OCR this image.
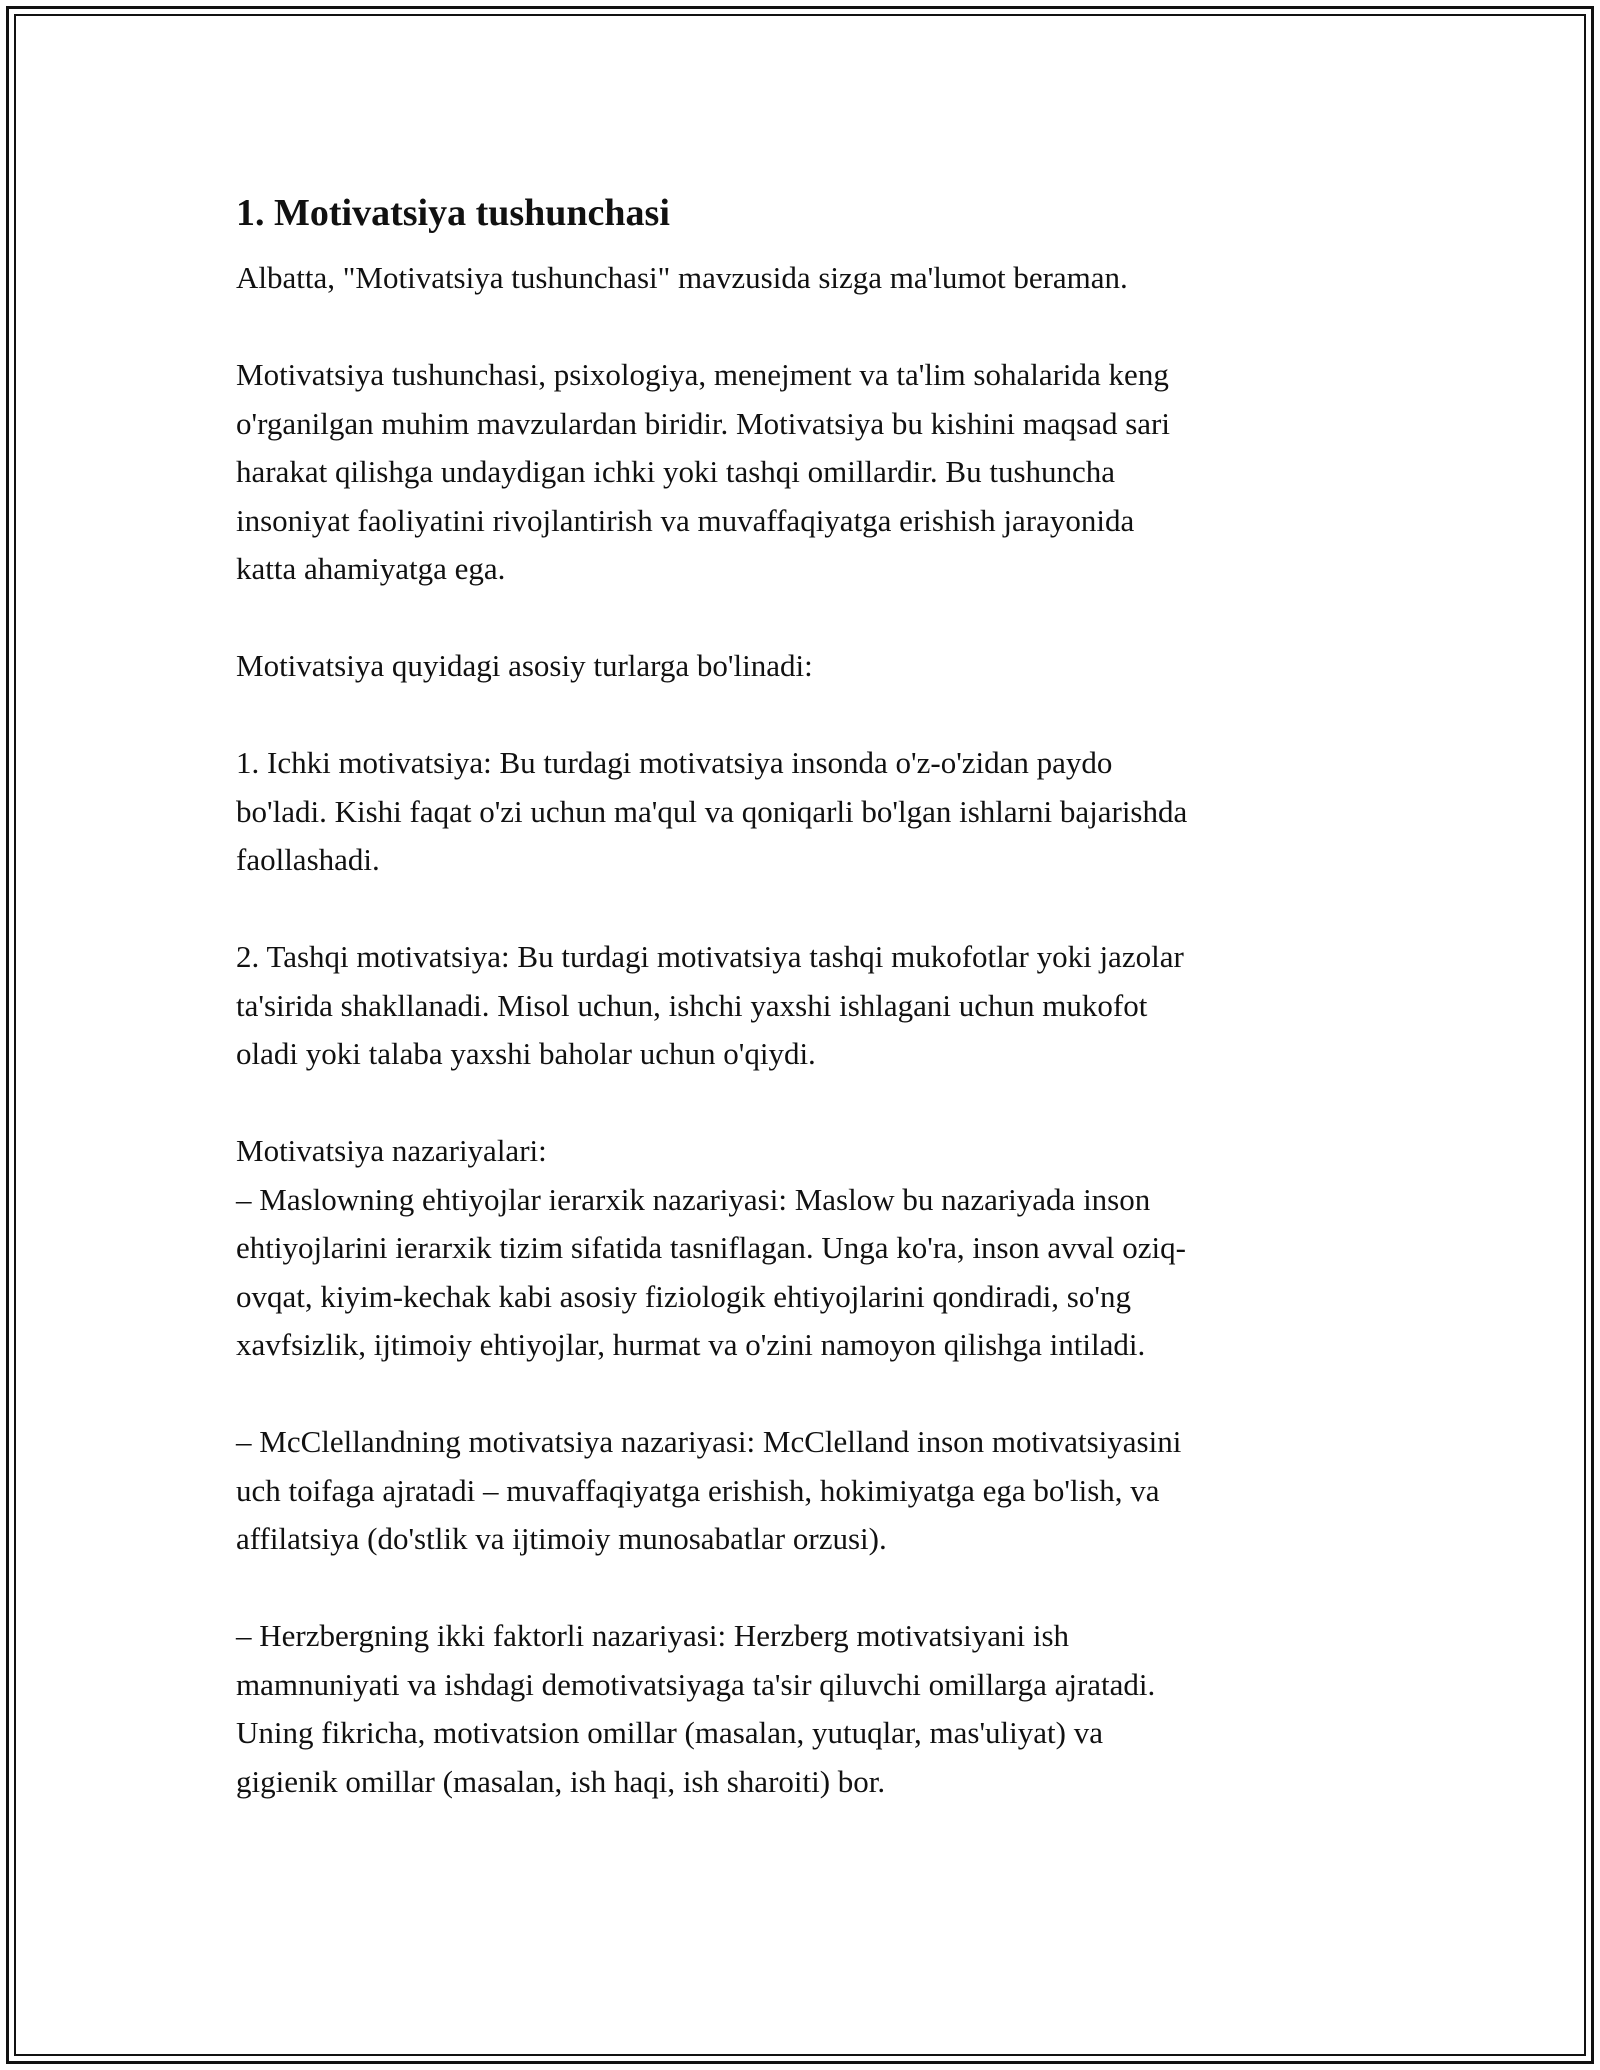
1. Motivatsiya tushunchasi

Albatta, "Motivatsiya tushunchasi" mavzusida sizga ma'lumot beraman.

Motivatsiya tushunchasi, psixologiya, menejment va ta'lim sohalarida keng
o'rganilgan muhim mavzulardan biridir. Motivatsiya bu kishini maqsad sari
harakat qilishga undaydigan ichki yoki tashqi omillardir. Bu tushuncha
insoniyat faoliyatini rivojlantirish va muvaffaqiyatga erishish jarayonida
katta ahamiyatga ega.

Motivatsiya quyidagi asosiy turlarga bo'linadi:

1. Ichki motivatsiya: Bu turdagi motivatsiya insonda o'z-o'zidan paydo
bo'ladi. Kishi faqat o'zi uchun ma'qul va qoniqarli bo'lgan ishlarni bajarishda
faollashadi.

2. Tashqi motivatsiya: Bu turdagi motivatsiya tashqi mukofotlar yoki jazolar
ta'sirida shakllanadi. Misol uchun, ishchi yaxshi ishlagani uchun mukofot
oladi yoki talaba yaxshi baholar uchun o'qiydi.

Motivatsiya nazariyalari:
– Maslowning ehtiyojlar ierarxik nazariyasi: Maslow bu nazariyada inson
ehtiyojlarini ierarxik tizim sifatida tasniflagan. Unga ko'ra, inson avval oziq-
ovqat, kiyim-kechak kabi asosiy fiziologik ehtiyojlarini qondiradi, so'ng
xavfsizlik, ijtimoiy ehtiyojlar, hurmat va o'zini namoyon qilishga intiladi.

– McClellandning motivatsiya nazariyasi: McClelland inson motivatsiyasini
uch toifaga ajratadi – muvaffaqiyatga erishish, hokimiyatga ega bo'lish, va
affilatsiya (do'stlik va ijtimoiy munosabatlar orzusi).

– Herzbergning ikki faktorli nazariyasi: Herzberg motivatsiyani ish
mamnuniyati va ishdagi demotivatsiyaga ta'sir qiluvchi omillarga ajratadi.
Uning fikricha, motivatsion omillar (masalan, yutuqlar, mas'uliyat) va
gigienik omillar (masalan, ish haqi, ish sharoiti) bor.
